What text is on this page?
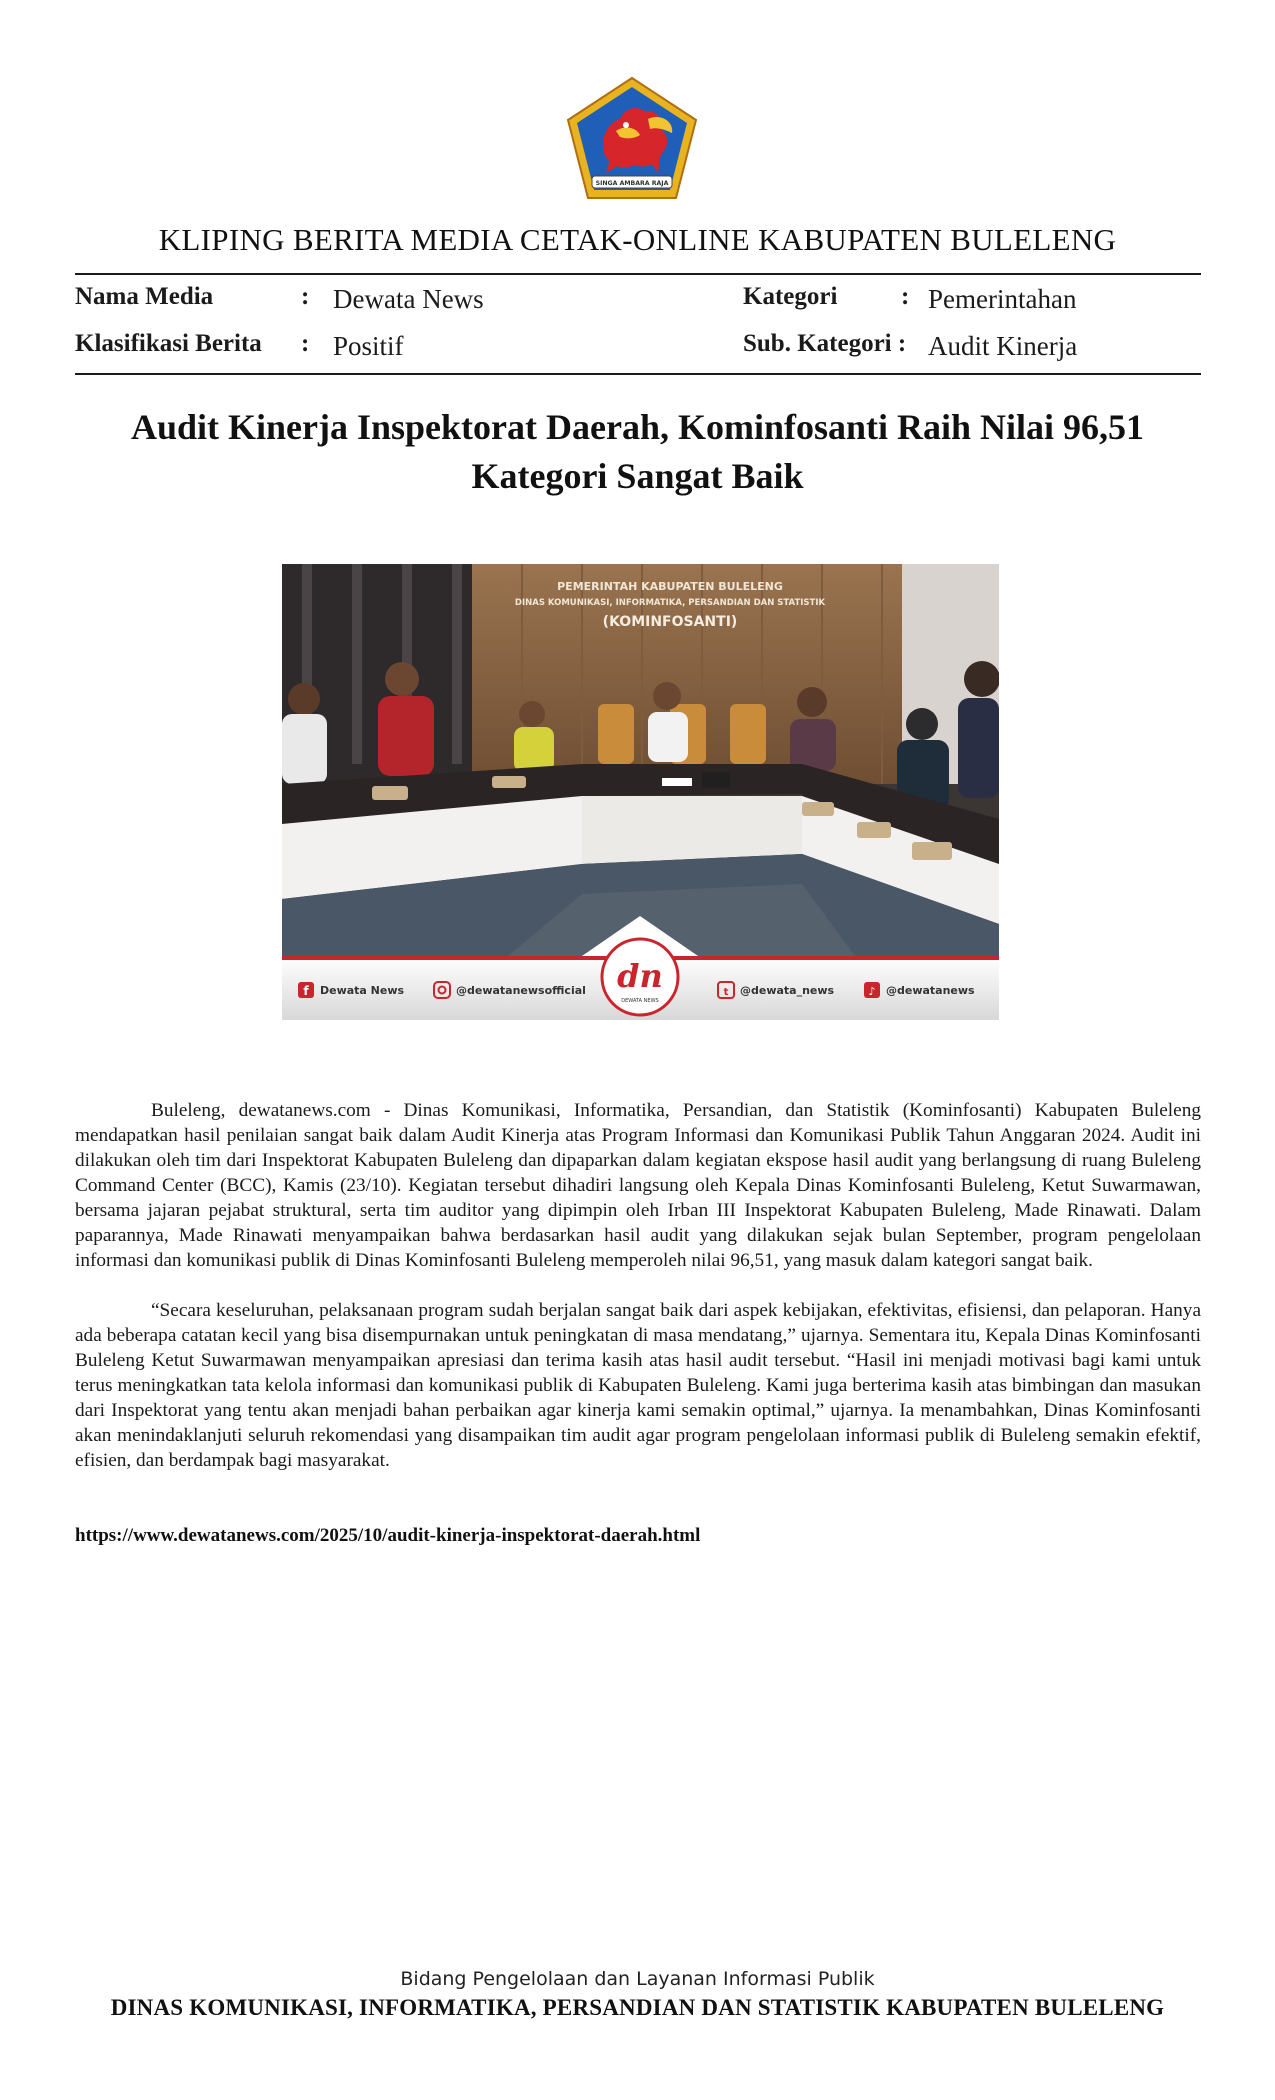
SINGA AMBARA RAJA
KLIPING BERITA MEDIA CETAK-ONLINE KABUPATEN BULELENG
Nama Media	: Dewata News	Kategori	: Pemerintahan
Klasifikasi Berita : Positif	Sub. Kategori : Audit Kinerja
Audit Kinerja Inspektorat Daerah, Kominfosanti Raih Nilai 96,51
Kategori Sangat Baik
PEMERINTAH KABUPATEN BULELENG
DINAS KOMUNIKASI, INFORMATIKA, PERSANDIAN DAN STATISTIK
(KOMINFOSANTI)
dn
DEWATA NEWS
f Dewata News	@dewatanewsofficial	t @dewata_news	♪ @dewatanews

Buleleng, dewatanews.com - Dinas Komunikasi, Informatika, Persandian, dan Statistik (Kominfosanti) Kabupaten Buleleng mendapatkan hasil penilaian sangat baik dalam Audit Kinerja atas Program Informasi dan Komunikasi Publik Tahun Anggaran 2024. Audit ini dilakukan oleh tim dari Inspektorat Kabupaten Buleleng dan dipaparkan dalam kegiatan ekspose hasil audit yang berlangsung di ruang Buleleng Command Center (BCC), Kamis (23/10). Kegiatan tersebut dihadiri langsung oleh Kepala Dinas Kominfosanti Buleleng, Ketut Suwarmawan, bersama jajaran pejabat struktural, serta tim auditor yang dipimpin oleh Irban III Inspektorat Kabupaten Buleleng, Made Rinawati. Dalam paparannya, Made Rinawati menyampaikan bahwa berdasarkan hasil audit yang dilakukan sejak bulan September, program pengelolaan informasi dan komunikasi publik di Dinas Kominfosanti Buleleng memperoleh nilai 96,51, yang masuk dalam kategori sangat baik.

“Secara keseluruhan, pelaksanaan program sudah berjalan sangat baik dari aspek kebijakan, efektivitas, efisiensi, dan pelaporan. Hanya ada beberapa catatan kecil yang bisa disempurnakan untuk peningkatan di masa mendatang,” ujarnya. Sementara itu, Kepala Dinas Kominfosanti Buleleng Ketut Suwarmawan menyampaikan apresiasi dan terima kasih atas hasil audit tersebut. “Hasil ini menjadi motivasi bagi kami untuk terus meningkatkan tata kelola informasi dan komunikasi publik di Kabupaten Buleleng. Kami juga berterima kasih atas bimbingan dan masukan dari Inspektorat yang tentu akan menjadi bahan perbaikan agar kinerja kami semakin optimal,” ujarnya. Ia menambahkan, Dinas Kominfosanti akan menindaklanjuti seluruh rekomendasi yang disampaikan tim audit agar program pengelolaan informasi publik di Buleleng semakin efektif, efisien, dan berdampak bagi masyarakat.

https://www.dewatanews.com/2025/10/audit-kinerja-inspektorat-daerah.html
Bidang Pengelolaan dan Layanan Informasi Publik
DINAS KOMUNIKASI, INFORMATIKA, PERSANDIAN DAN STATISTIK KABUPATEN BULELENG
